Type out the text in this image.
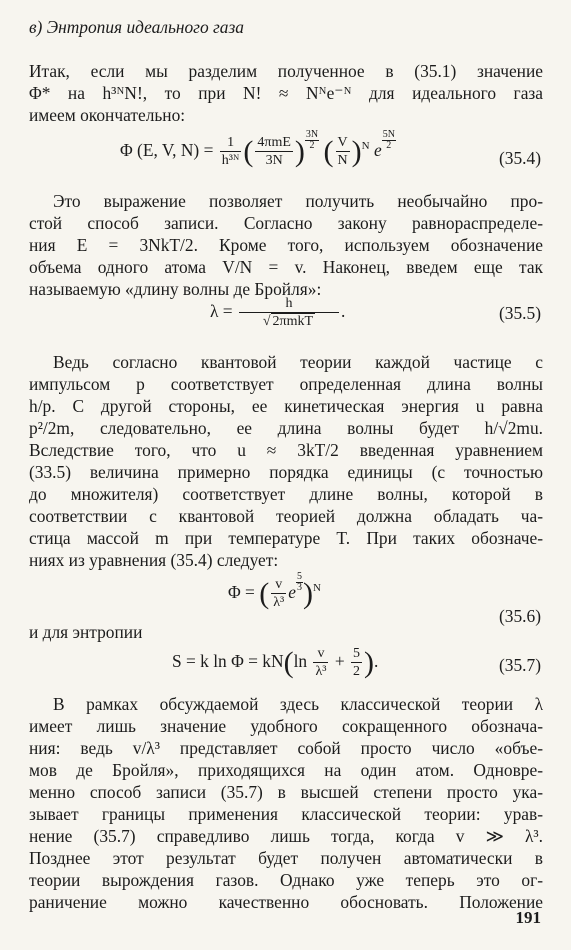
в) Энтропия идеального газа
Итак, если мы разделим полученное в (35.1) значение
Φ* на h³ᴺN!, то при N! ≈ Nᴺe⁻ᴺ для идеального газа
имеем окончательно:
Φ (E, V, $N) = \frac{1}{\text{h³ᴺ}}$ ( $\frac{\text{4πmE}}{3N}$ ) $\frac{3N}{2}$ ( $\frac{V}{N} )^N$ e $\frac{5N}{2}$
(35.4)
Это выражение позволяет получить необычайно про-
стой способ записи. Согласно закону равнораспределе-
ния E = 3NkT/2. Кроме того, используем обозначение
объема одного атома V/N = v. Наконец, введем еще так
называемую «длину волны де Бройля»:
$\lambda = \frac{h}{\text{√ 2πmkT}}$ .	(35.5)
Ведь согласно квантовой теории каждой частице с
импульсом p соответствует определенная длина волны
h/p. С другой стороны, ее кинетическая энергия u равна
p²/2m, следовательно, ее длина волны будет h/√2mu.
Вследствие того, что u ≈ 3kT/2 введенная уравнением
(33.5) величина примерно порядка единицы (с точностью
до множителя) соответствует длине волны, которой в
соответствии с квантовой теорией должна обладать ча-
стица массой m при температуре T. При таких обозначе-
ниях из уравнения (35.4) следует:
Φ = ( $\frac{v}{\text{λ³}}$ e $\frac{5}{3} )^N$
(35.6)
и для энтропии
S = k $\ln \Phi = kN(\ln \frac{v}{\text{λ³}} + \frac{5}{2}$ ).	(35.7)
В рамках обсуждаемой здесь классической теории λ
имеет лишь значение удобного сокращенного обознача-
ния: ведь v/λ³ представляет собой просто число «объе-
мов де Бройля», приходящихся на один атом. Одновре-
менно способ записи (35.7) в высшей степени просто ука-
зывает границы применения классической теории: урав-
нение (35.7) справедливо лишь тогда, когда v ≫ λ³.
Позднее этот результат будет получен автоматически в
теории вырождения газов. Однако уже теперь это ог-
раничение можно качественно обосновать. Положение
191
